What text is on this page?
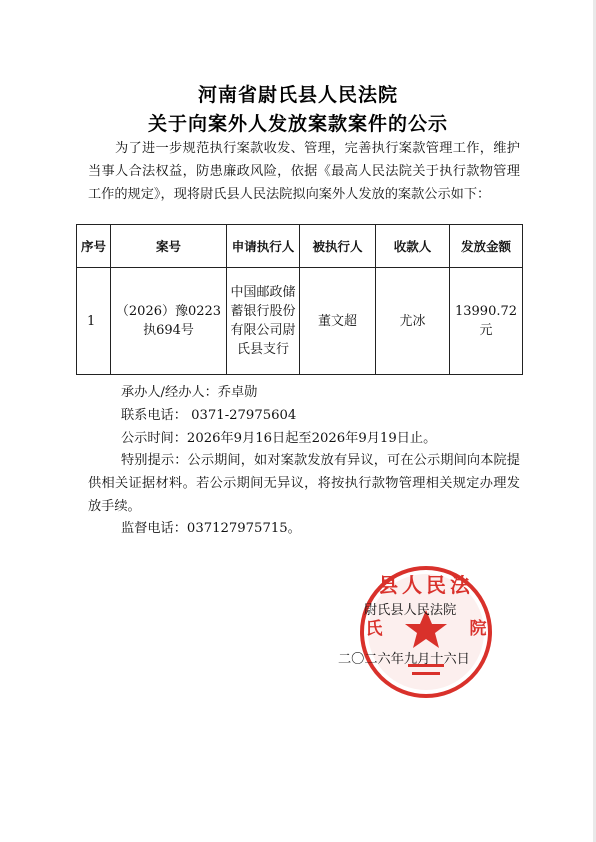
河南省尉氏县人民法院
关于向案外人发放案款案件的公示
为了进一步规范执行案款收发、管理，完善执行案款管理工作，维护当事人合法权益，防患廉政风险，依据《最高人民法院关于执行款物管理工作的规定》，现将尉氏县人民法院拟向案外人发放的案款公示如下：
序号	案号	申请执行人	被执行人	收款人	发放金额
1	（2026）豫0223执694号	中国邮政储蓄银行股份有限公司尉氏县支行	董文超	尤冰	13990.72元
承办人/经办人：乔卓勋
联系电话： 0371-27975604
公示时间：2026年9月16日起至2026年9月19日止。
特别提示：公示期间，如对案款发放有异议，可在公示期间向本院提供相关证据材料。若公示期间无异议，将按执行款物管理相关规定办理发放手续。
监督电话：037127975715。
县人民法
氏	院
尉氏县人民法院
二〇二六年九月十六日
